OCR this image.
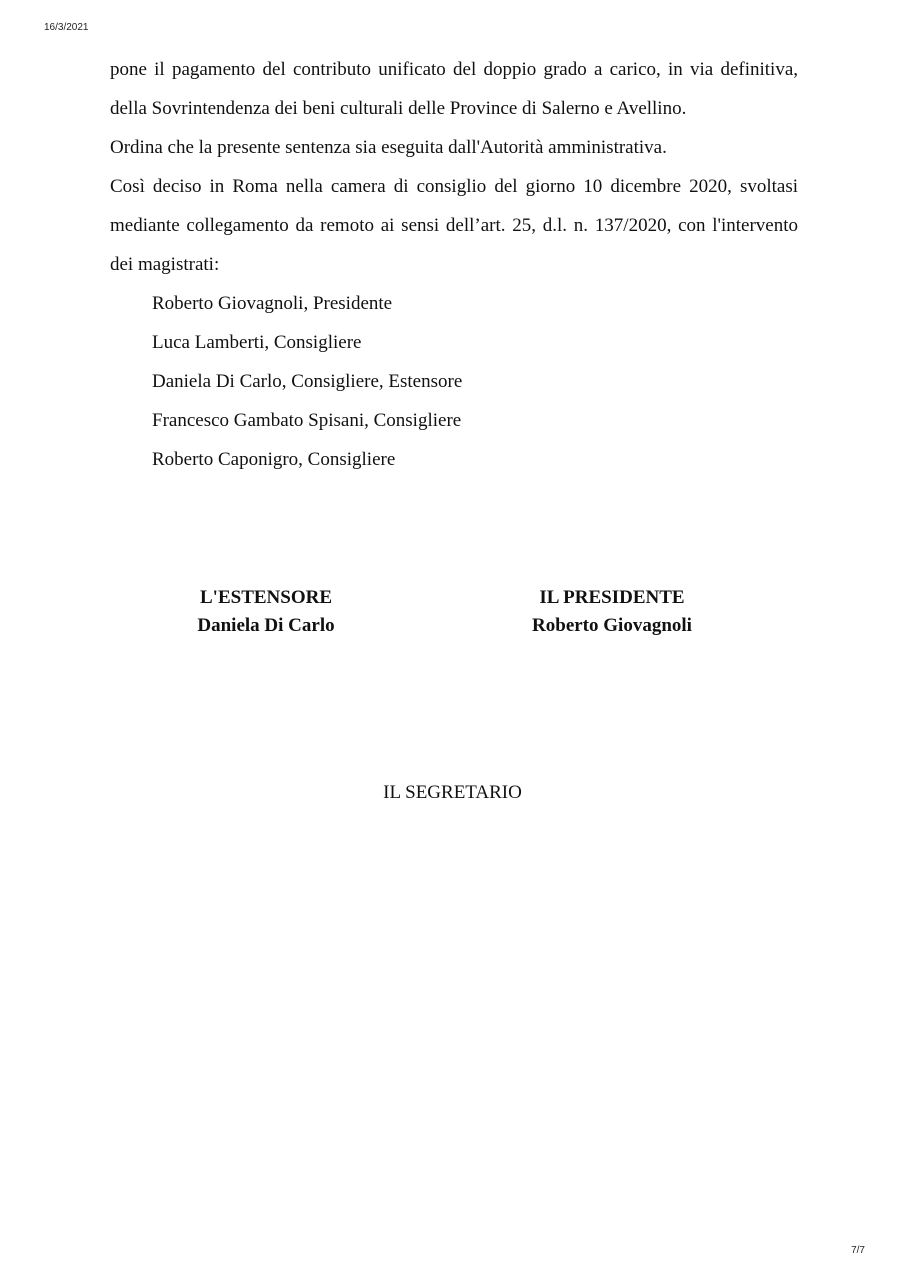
16/3/2021

pone il pagamento del contributo unificato del doppio grado a carico, in via definitiva, della Sovrintendenza dei beni culturali delle Province di Salerno e Avellino.

Ordina che la presente sentenza sia eseguita dall'Autorità amministrativa.

Così deciso in Roma nella camera di consiglio del giorno 10 dicembre 2020, svoltasi mediante collegamento da remoto ai sensi dell’art. 25, d.l. n. 137/2020, con l'intervento dei magistrati:

Roberto Giovagnoli, Presidente
Luca Lamberti, Consigliere
Daniela Di Carlo, Consigliere, Estensore
Francesco Gambato Spisani, Consigliere
Roberto Caponigro, Consigliere
L'ESTENSORE
Daniela Di Carlo
IL PRESIDENTE
Roberto Giovagnoli
IL SEGRETARIO
7/7
